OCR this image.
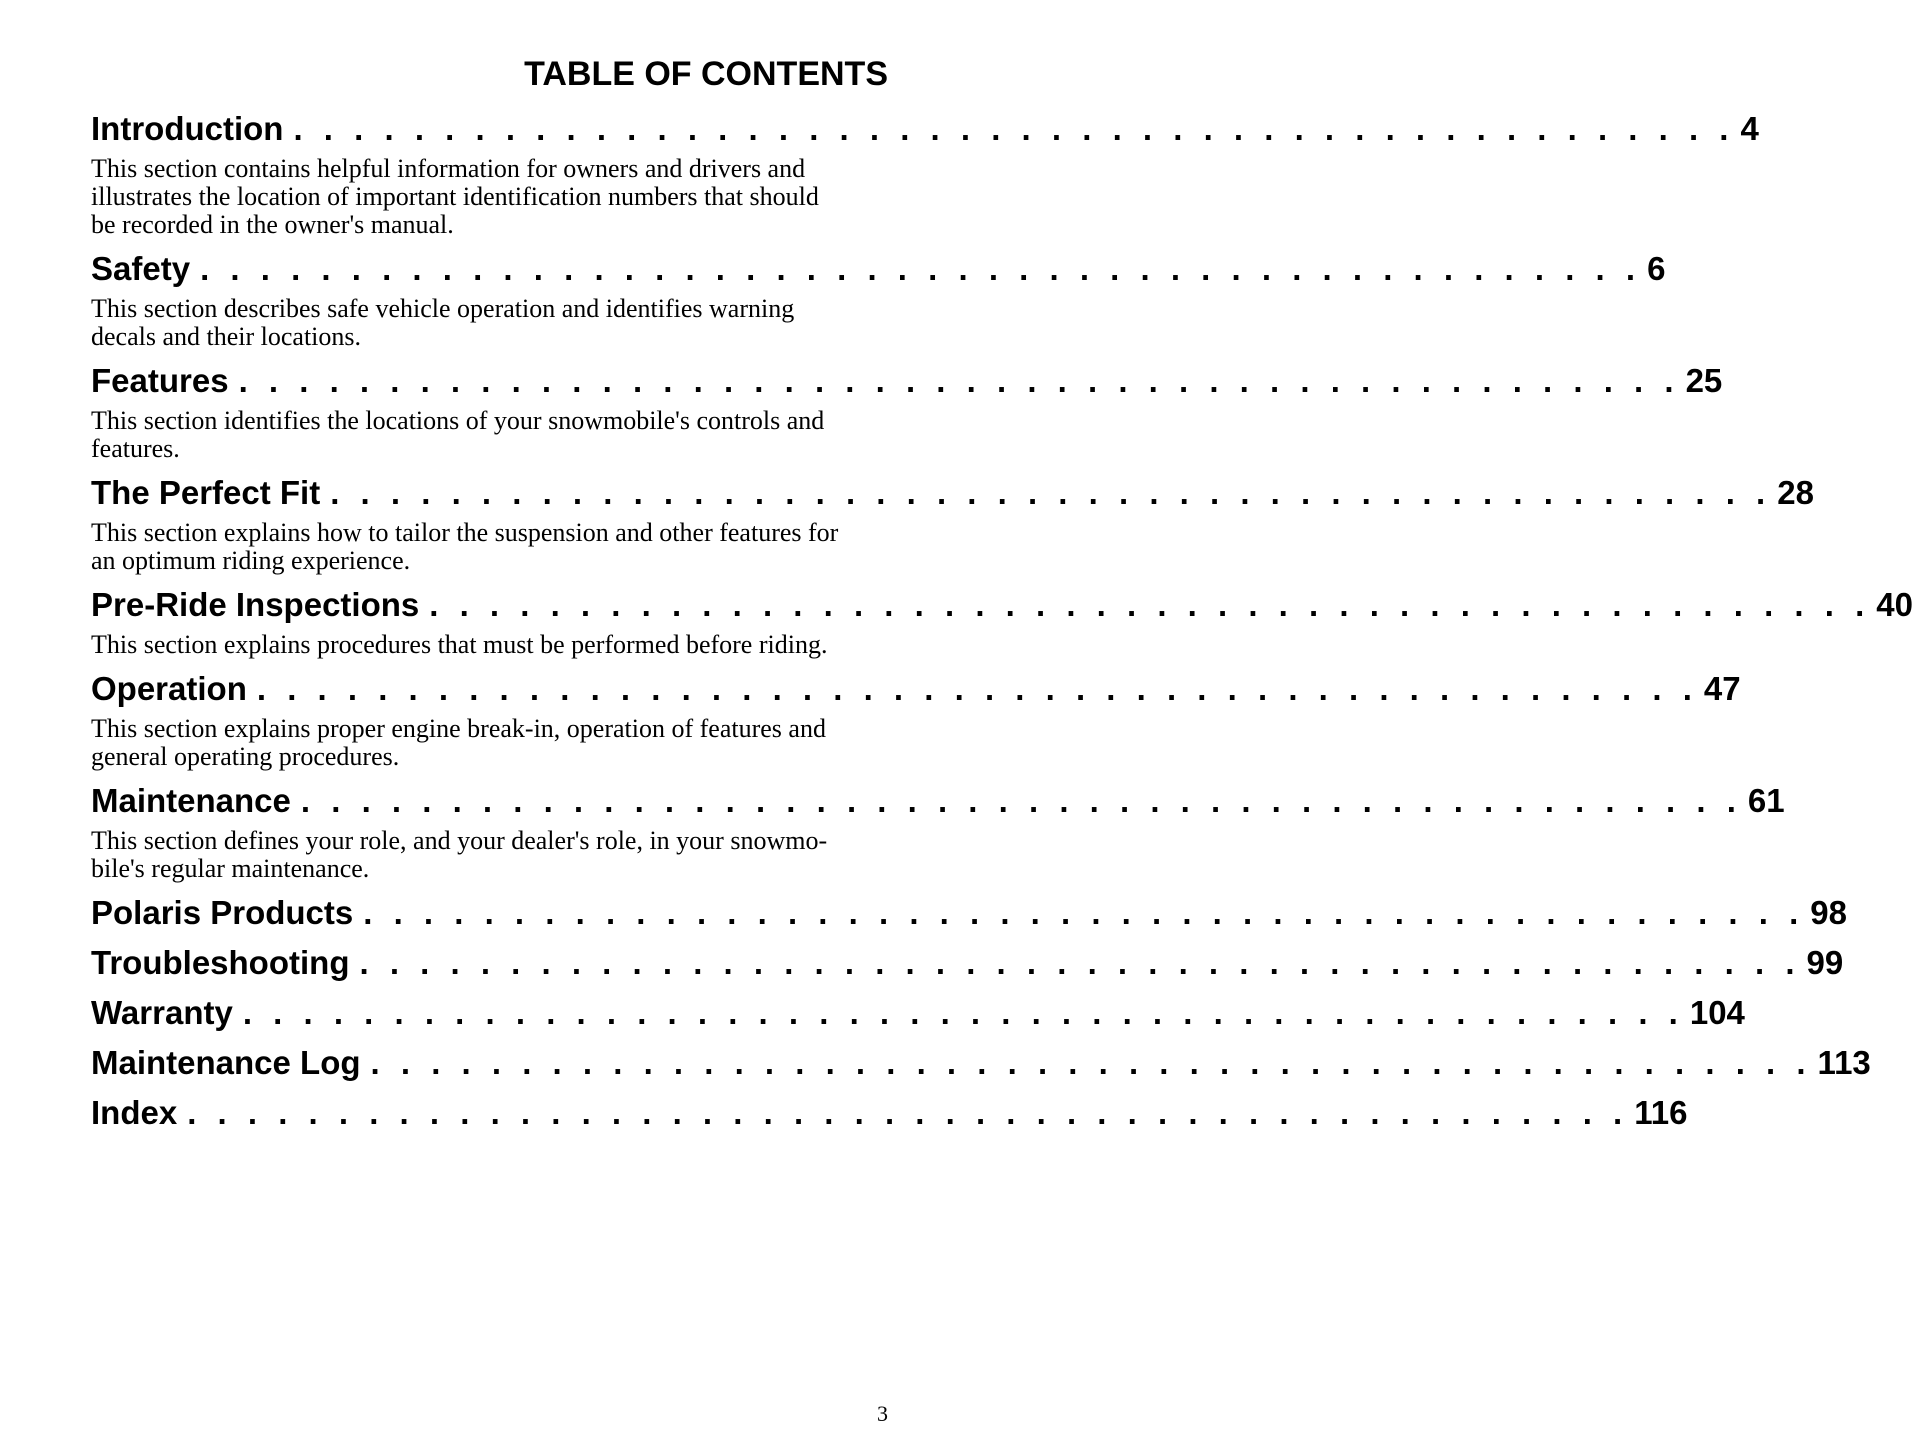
TABLE OF CONTENTS
Introduction . . . . . . . . . . . . . . . . . . . . . . . . . . . . . . . . . . . . . . . . . . . . . . . . 4

This section contains helpful information for owners and drivers and
illustrates the location of important identification numbers that should
be recorded in the owner's manual.

Safety . . . . . . . . . . . . . . . . . . . . . . . . . . . . . . . . . . . . . . . . . . . . . . . . 6

This section describes safe vehicle operation and identifies warning
decals and their locations.

Features . . . . . . . . . . . . . . . . . . . . . . . . . . . . . . . . . . . . . . . . . . . . . . . . 25

This section identifies the locations of your snowmobile's controls and
features.

The Perfect Fit . . . . . . . . . . . . . . . . . . . . . . . . . . . . . . . . . . . . . . . . . . . . . . . . 28

This section explains how to tailor the suspension and other features for
an optimum riding experience.

Pre-Ride Inspections . . . . . . . . . . . . . . . . . . . . . . . . . . . . . . . . . . . . . . . . . . . . . . . . 40

This section explains procedures that must be performed before riding.

Operation . . . . . . . . . . . . . . . . . . . . . . . . . . . . . . . . . . . . . . . . . . . . . . . . 47

This section explains proper engine break-in, operation of features and
general operating procedures.

Maintenance . . . . . . . . . . . . . . . . . . . . . . . . . . . . . . . . . . . . . . . . . . . . . . . . 61

This section defines your role, and your dealer's role, in your snowmo-
bile's regular maintenance.

Polaris Products . . . . . . . . . . . . . . . . . . . . . . . . . . . . . . . . . . . . . . . . . . . . . . . . 98
Troubleshooting . . . . . . . . . . . . . . . . . . . . . . . . . . . . . . . . . . . . . . . . . . . . . . . . 99
Warranty . . . . . . . . . . . . . . . . . . . . . . . . . . . . . . . . . . . . . . . . . . . . . . . . 104
Maintenance Log . . . . . . . . . . . . . . . . . . . . . . . . . . . . . . . . . . . . . . . . . . . . . . . . 113
Index . . . . . . . . . . . . . . . . . . . . . . . . . . . . . . . . . . . . . . . . . . . . . . . . 116
3
